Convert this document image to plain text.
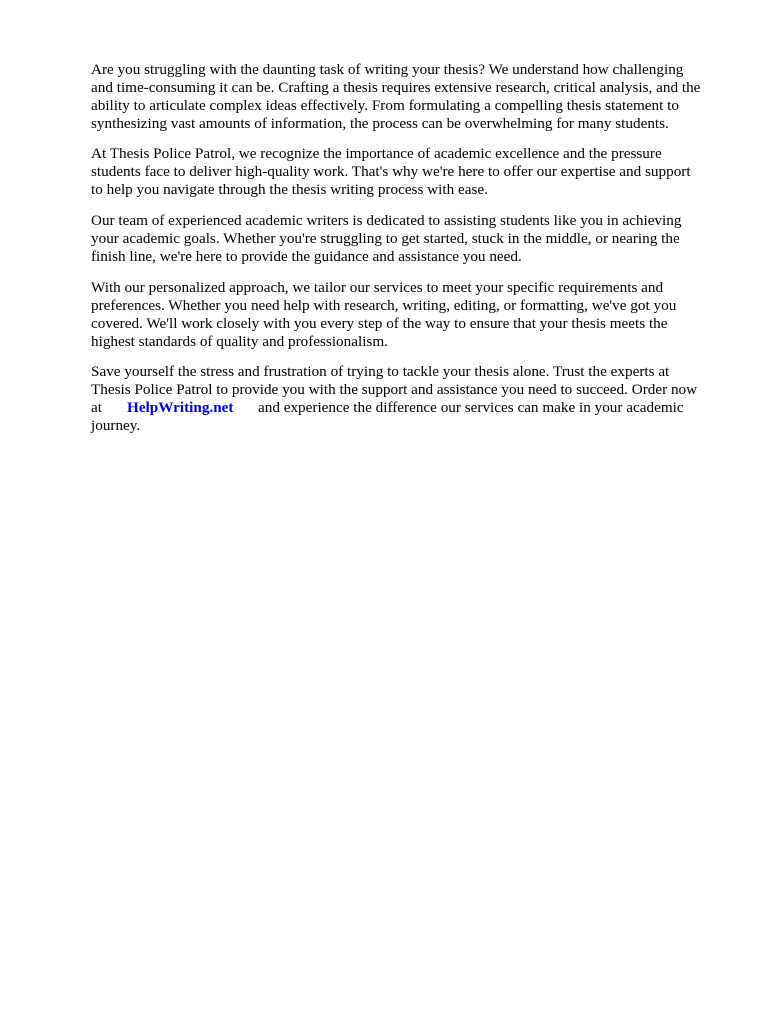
Are you struggling with the daunting task of writing your thesis? We understand how challenging

and time-consuming it can be. Crafting a thesis requires extensive research, critical analysis, and the

ability to articulate complex ideas effectively. From formulating a compelling thesis statement to

synthesizing vast amounts of information, the process can be overwhelming for many students.

At Thesis Police Patrol, we recognize the importance of academic excellence and the pressure

students face to deliver high-quality work. That's why we're here to offer our expertise and support

to help you navigate through the thesis writing process with ease.

Our team of experienced academic writers is dedicated to assisting students like you in achieving

your academic goals. Whether you're struggling to get started, stuck in the middle, or nearing the

finish line, we're here to provide the guidance and assistance you need.

With our personalized approach, we tailor our services to meet your specific requirements and

preferences. Whether you need help with research, writing, editing, or formatting, we've got you

covered. We'll work closely with you every step of the way to ensure that your thesis meets the

highest standards of quality and professionalism.

Save yourself the stress and frustration of trying to tackle your thesis alone. Trust the experts at

Thesis Police Patrol to provide you with the support and assistance you need to succeed. Order now

at HelpWriting.net and experience the difference our services can make in your academic

journey.
